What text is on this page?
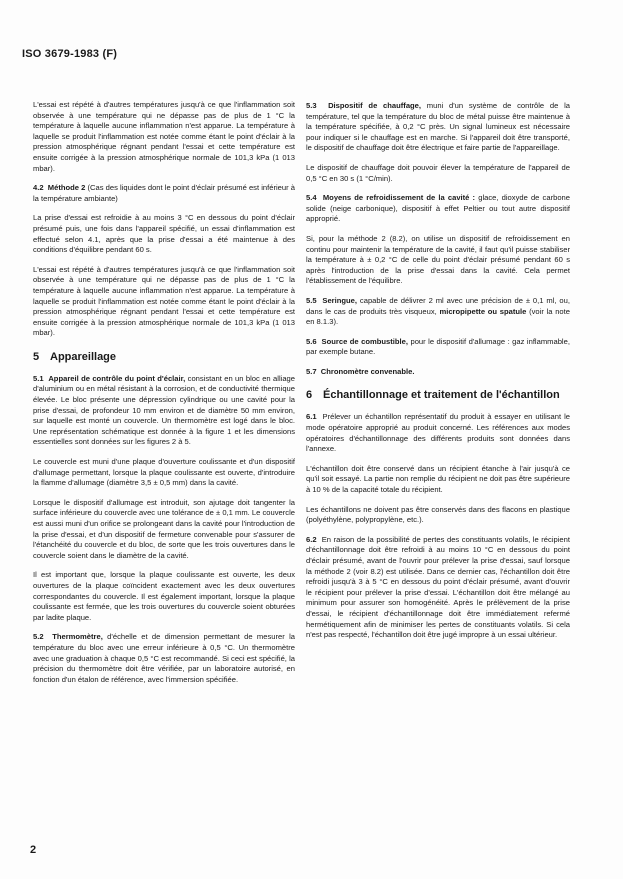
ISO 3679-1983 (F)

L'essai est répété à d'autres températures jusqu'à ce que l'inflammation soit observée à une température qui ne dépasse pas de plus de 1 °C la température à laquelle aucune inflammation n'est apparue. La température à laquelle se produit l'inflammation est notée comme étant le point d'éclair à la pression atmosphérique régnant pendant l'essai et cette température est ensuite corrigée à la pression atmosphérique normale de 101,3 kPa (1 013 mbar).

4.2 Méthode 2 (Cas des liquides dont le point d'éclair présumé est inférieur à la température ambiante)

La prise d'essai est refroidie à au moins 3 °C en dessous du point d'éclair présumé puis, une fois dans l'appareil spécifié, un essai d'inflammation est effectué selon 4.1, après que la prise d'essai a été maintenue à des conditions d'équilibre pendant 60 s.

L'essai est répété à d'autres températures jusqu'à ce que l'inflammation soit observée à une température qui ne dépasse pas de plus de 1 °C la température à laquelle aucune inflammation n'est apparue. La température à laquelle se produit l'inflammation est notée comme étant le point d'éclair à la pression atmosphérique régnant pendant l'essai et cette température est ensuite corrigée à la pression atmosphérique normale de 101,3 kPa (1 013 mbar).

5 Appareillage

5.1 Appareil de contrôle du point d'éclair, consistant en un bloc en alliage d'aluminium ou en métal résistant à la corrosion, et de conductivité thermique élevée. Le bloc présente une dépression cylindrique ou une cavité pour la prise d'essai, de profondeur 10 mm environ et de diamètre 50 mm environ, sur laquelle est monté un couvercle. Un thermomètre est logé dans le bloc. Une représentation schématique est donnée à la figure 1 et les dimensions essentielles sont données sur les figures 2 à 5.

Le couvercle est muni d'une plaque d'ouverture coulissante et d'un dispositif d'allumage permettant, lorsque la plaque coulissante est ouverte, d'introduire la flamme d'allumage (diamètre 3,5 ± 0,5 mm) dans la cavité.

Lorsque le dispositif d'allumage est introduit, son ajutage doit tangenter la surface inférieure du couvercle avec une tolérance de ± 0,1 mm. Le couvercle est aussi muni d'un orifice se prolongeant dans la cavité pour l'introduction de la prise d'essai, et d'un dispositif de fermeture convenable pour s'assurer de l'étanchéité du couvercle et du bloc, de sorte que les trois ouvertures dans le couvercle soient dans le diamètre de la cavité.

Il est important que, lorsque la plaque coulissante est ouverte, les deux ouvertures de la plaque coïncident exactement avec les deux ouvertures correspondantes du couvercle. Il est également important, lorsque la plaque coulissante est fermée, que les trois ouvertures du couvercle soient obturées par ladite plaque.

5.2 Thermomètre, d'échelle et de dimension permettant de mesurer la température du bloc avec une erreur inférieure à 0,5 °C. Un thermomètre avec une graduation à chaque 0,5 °C est recommandé. Si ceci est spécifié, la précision du thermomètre doit être vérifiée, par un laboratoire autorisé, en fonction d'un étalon de référence, avec l'immersion spécifiée.

5.3 Dispositif de chauffage, muni d'un système de contrôle de la température, tel que la température du bloc de métal puisse être maintenue à la température spécifiée, à 0,2 °C près. Un signal lumineux est nécessaire pour indiquer si le chauffage est en marche. Si l'appareil doit être transporté, le dispositif de chauffage doit être électrique et faire partie de l'appareillage.

Le dispositif de chauffage doit pouvoir élever la température de l'appareil de 0,5 °C en 30 s (1 °C/min).

5.4 Moyens de refroidissement de la cavité : glace, dioxyde de carbone solide (neige carbonique), dispositif à effet Peltier ou tout autre dispositif approprié.

Si, pour la méthode 2 (8.2), on utilise un dispositif de refroidissement en continu pour maintenir la température de la cavité, il faut qu'il puisse stabiliser la température à ± 0,2 °C de celle du point d'éclair présumé pendant 60 s après l'introduction de la prise d'essai dans la cavité. Cela permet l'établissement de l'équilibre.

5.5 Seringue, capable de délivrer 2 ml avec une précision de ± 0,1 ml, ou, dans le cas de produits très visqueux, micropipette ou spatule (voir la note en 8.1.3).

5.6 Source de combustible, pour le dispositif d'allumage : gaz inflammable, par exemple butane.

5.7 Chronomètre convenable.

6 Échantillonnage et traitement de l'échantillon

6.1 Prélever un échantillon représentatif du produit à essayer en utilisant le mode opératoire approprié au produit concerné. Les références aux modes opératoires d'échantillonnage des différents produits sont données dans l'annexe.

L'échantillon doit être conservé dans un récipient étanche à l'air jusqu'à ce qu'il soit essayé. La partie non remplie du récipient ne doit pas être supérieure à 10 % de la capacité totale du récipient.

Les échantillons ne doivent pas être conservés dans des flacons en plastique (polyéthylène, polypropylène, etc.).

6.2 En raison de la possibilité de pertes des constituants volatils, le récipient d'échantillonnage doit être refroidi à au moins 10 °C en dessous du point d'éclair présumé, avant de l'ouvrir pour prélever la prise d'essai, sauf lorsque la méthode 2 (voir 8.2) est utilisée. Dans ce dernier cas, l'échantillon doit être refroidi jusqu'à 3 à 5 °C en dessous du point d'éclair présumé, avant d'ouvrir le récipient pour prélever la prise d'essai. L'échantillon doit être mélangé au minimum pour assurer son homogénéité. Après le prélèvement de la prise d'essai, le récipient d'échantillonnage doit être immédiatement refermé hermétiquement afin de minimiser les pertes de constituants volatils. Si cela n'est pas respecté, l'échantillon doit être jugé impropre à un essai ultérieur.

2
